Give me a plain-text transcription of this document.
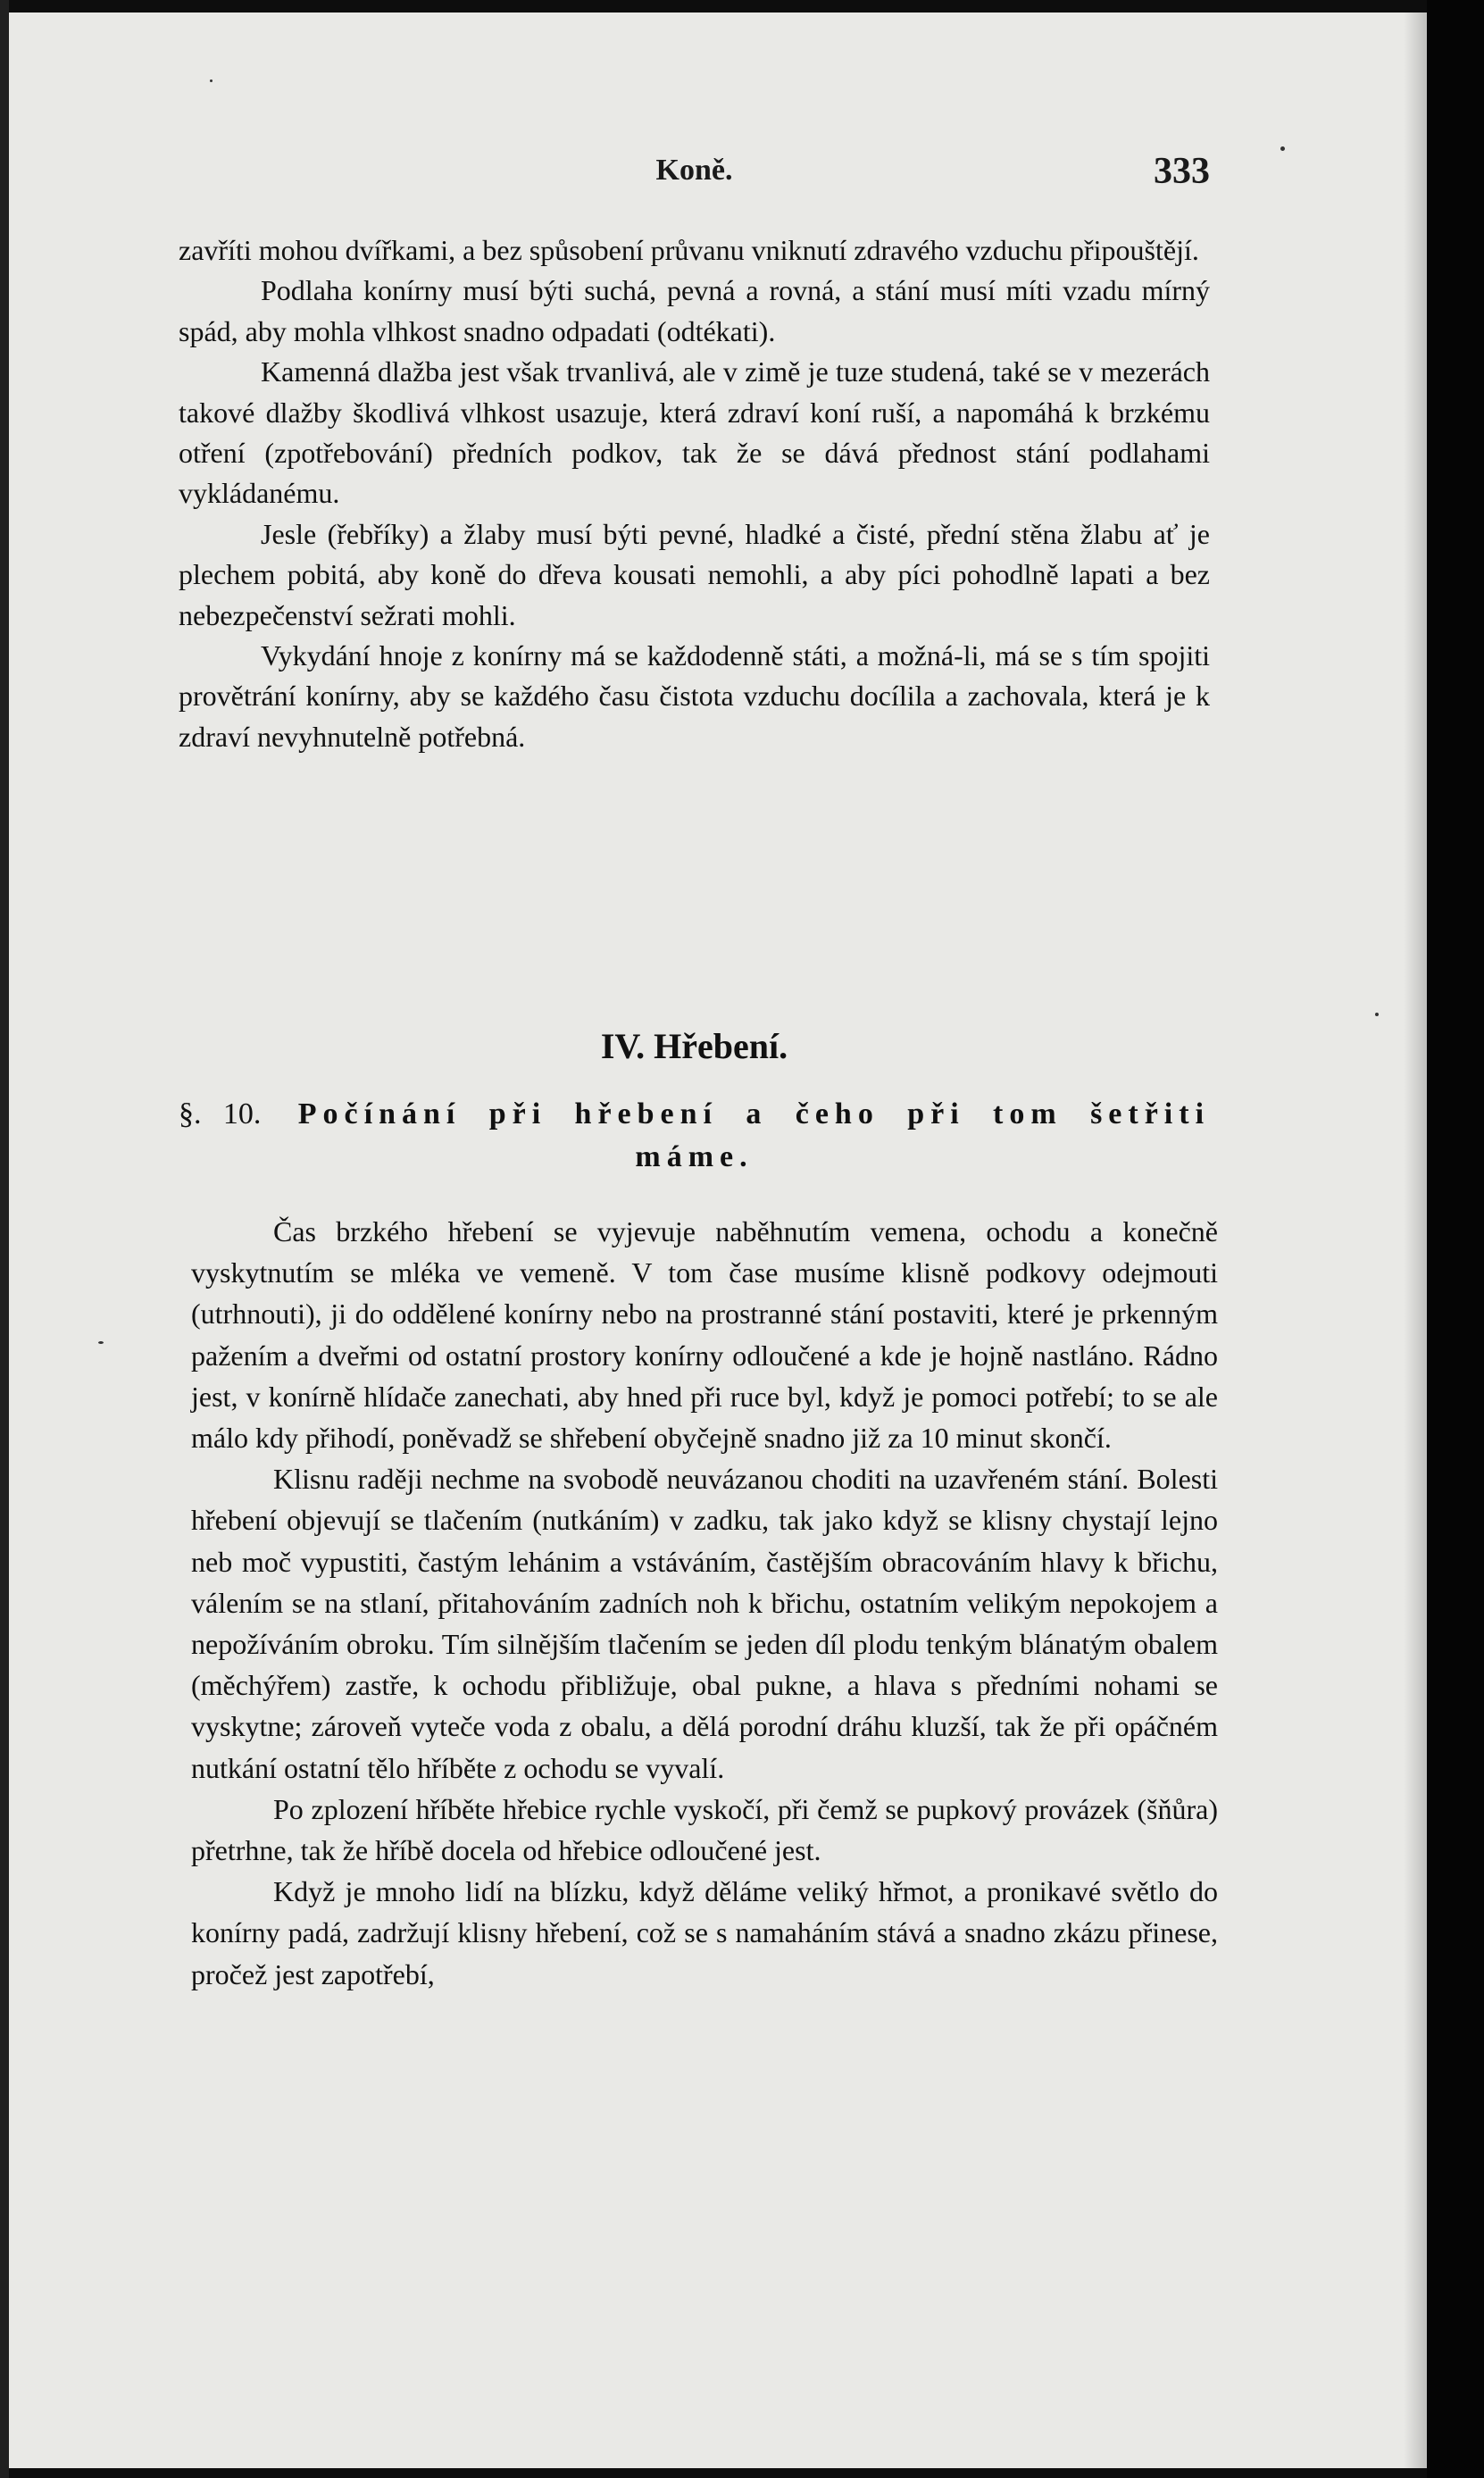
Koně.	333

zavříti mohou dvířkami, a bez spůsobení průvanu vniknutí zdravého vzduchu připouštějí.

Podlaha konírny musí býti suchá, pevná a rovná, a stání musí míti vzadu mírný spád, aby mohla vlhkost snadno odpadati (odtékati).

Kamenná dlažba jest však trvanlivá, ale v zimě je tuze studená, také se v mezerách takové dlažby škodlivá vlhkost usazuje, která zdraví koní ruší, a napomáhá k brzkému otření (zpotřebování) předních podkov, tak že se dává přednost stání podlahami vykládanému.

Jesle (řebříky) a žlaby musí býti pevné, hladké a čisté, přední stěna žlabu ať je plechem pobitá, aby koně do dřeva kousati nemohli, a aby píci pohodlně lapati a bez nebezpečenství sežrati mohli.

Vykydání hnoje z konírny má se každodenně státi, a možná-li, má se s tím spojiti provětrání konírny, aby se každého času čistota vzduchu docílila a zachovala, která je k zdraví nevyhnutelně potřebná.

IV. Hřebení.

§. 10. Počínání při hřebení a čeho při tom šetřiti máme.

Čas brzkého hřebení se vyjevuje naběhnutím vemena, ochodu a konečně vyskytnutím se mléka ve vemeně. V tom čase musíme klisně podkovy odejmouti (utrhnouti), ji do oddělené konírny nebo na prostranné stání postaviti, které je prkenným pažením a dveřmi od ostatní prostory konírny odloučené a kde je hojně nastláno. Rádno jest, v konírně hlídače zanechati, aby hned při ruce byl, když je pomoci potřebí; to se ale málo kdy přihodí, poněvadž se shřebení obyčejně snadno již za 10 minut skončí.

Klisnu raději nechme na svobodě neuvázanou choditi na uzavřeném stání. Bolesti hřebení objevují se tlačením (nutkáním) v zadku, tak jako když se klisny chystají lejno neb moč vypustiti, častým lehánim a vstáváním, častějším obracováním hlavy k břichu, válením se na stlaní, přitahováním zadních noh k břichu, ostatním velikým nepokojem a nepožíváním obroku. Tím silnějším tlačením se jeden díl plodu tenkým blánatým obalem (měchýřem) zastře, k ochodu přibližuje, obal pukne, a hlava s předními nohami se vyskytne; zároveň vyteče voda z obalu, a dělá porodní dráhu kluzší, tak že při opáčném nutkání ostatní tělo hříběte z ochodu se vyvalí.

Po zplození hříběte hřebice rychle vyskočí, při čemž se pupkový provázek (šňůra) přetrhne, tak že hříbě docela od hřebice odloučené jest.

Když je mnoho lidí na blízku, když děláme veliký hřmot, a pronikavé světlo do konírny padá, zadržují klisny hřebení, což se s namaháním stává a snadno zkázu přinese, pročež jest zapotřebí,
